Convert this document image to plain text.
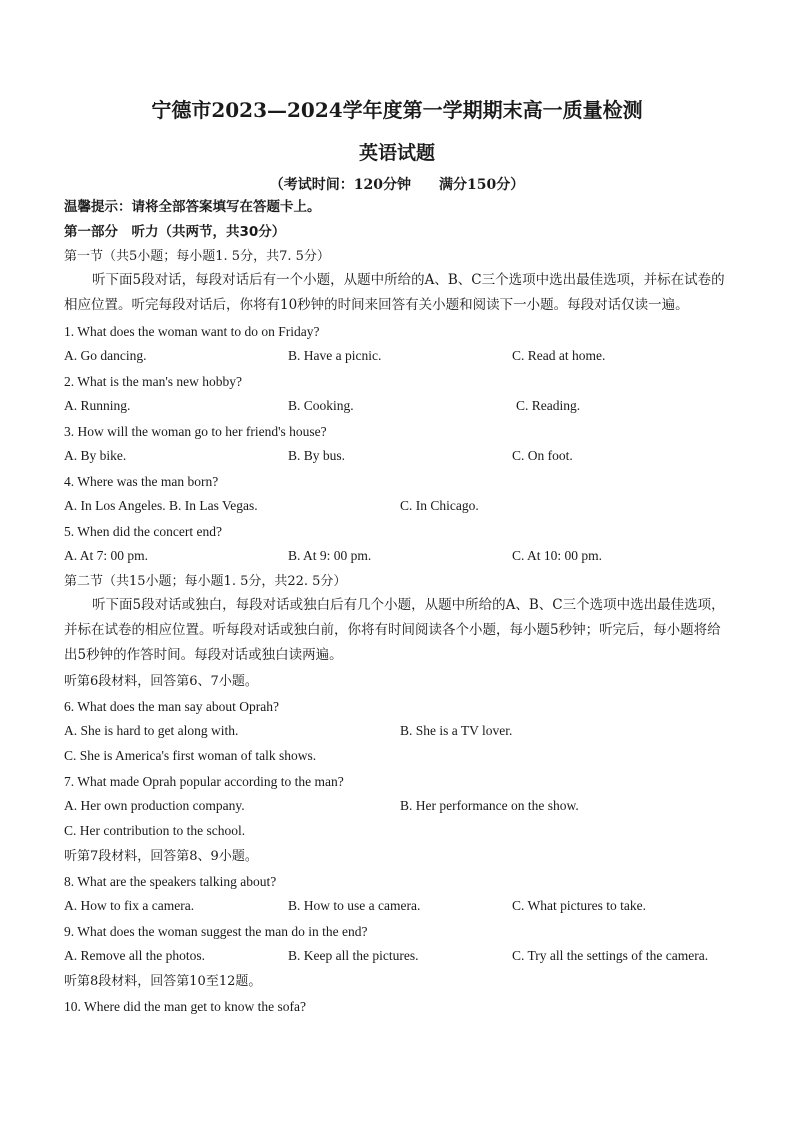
宁德市2023—2024学年度第一学期期末高一质量检测
英语试题
（考试时间：120分钟　　满分150分）
温馨提示：请将全部答案填写在答题卡上。
第一部分　听力（共两节，共30分）
第一节（共5小题；每小题1. 5分，共7. 5分）
听下面5段对话，每段对话后有一个小题，从题中所给的A、B、C三个选项中选出最佳选项，并标在试卷的相应位置。听完每段对话后，你将有10秒钟的时间来回答有关小题和阅读下一小题。每段对话仅读一遍。
1. What does the woman want to do on Friday?
A. Go dancing.	B. Have a picnic.	C. Read at home.
2. What is the man's new hobby?
A. Running.	B. Cooking.	C. Reading.
3. How will the woman go to her friend's house?
A. By bike.	B. By bus.	C. On foot.
4. Where was the man born?
A. In Los Angeles. B. In Las Vegas.	C. In Chicago.
5. When did the concert end?
A. At 7: 00 pm.	B. At 9: 00 pm.	C. At 10: 00 pm.
第二节（共15小题；每小题1. 5分，共22. 5分）
听下面5段对话或独白，每段对话或独白后有几个小题，从题中所给的A、B、C三个选项中选出最佳选项，并标在试卷的相应位置。听每段对话或独白前，你将有时间阅读各个小题，每小题5秒钟；听完后，每小题将给出5秒钟的作答时间。每段对话或独白读两遍。
听第6段材料，回答第6、7小题。
6. What does the man say about Oprah?
A. She is hard to get along with.	B. She is a TV lover.
C. She is America's first woman of talk shows.
7. What made Oprah popular according to the man?
A. Her own production company.	B. Her performance on the show.
C. Her contribution to the school.
听第7段材料，回答第8、9小题。
8. What are the speakers talking about?
A. How to fix a camera.	B. How to use a camera.	C. What pictures to take.
9. What does the woman suggest the man do in the end?
A. Remove all the photos.	B. Keep all the pictures.	C. Try all the settings of the camera.
听第8段材料，回答第10至12题。
10. Where did the man get to know the sofa?
